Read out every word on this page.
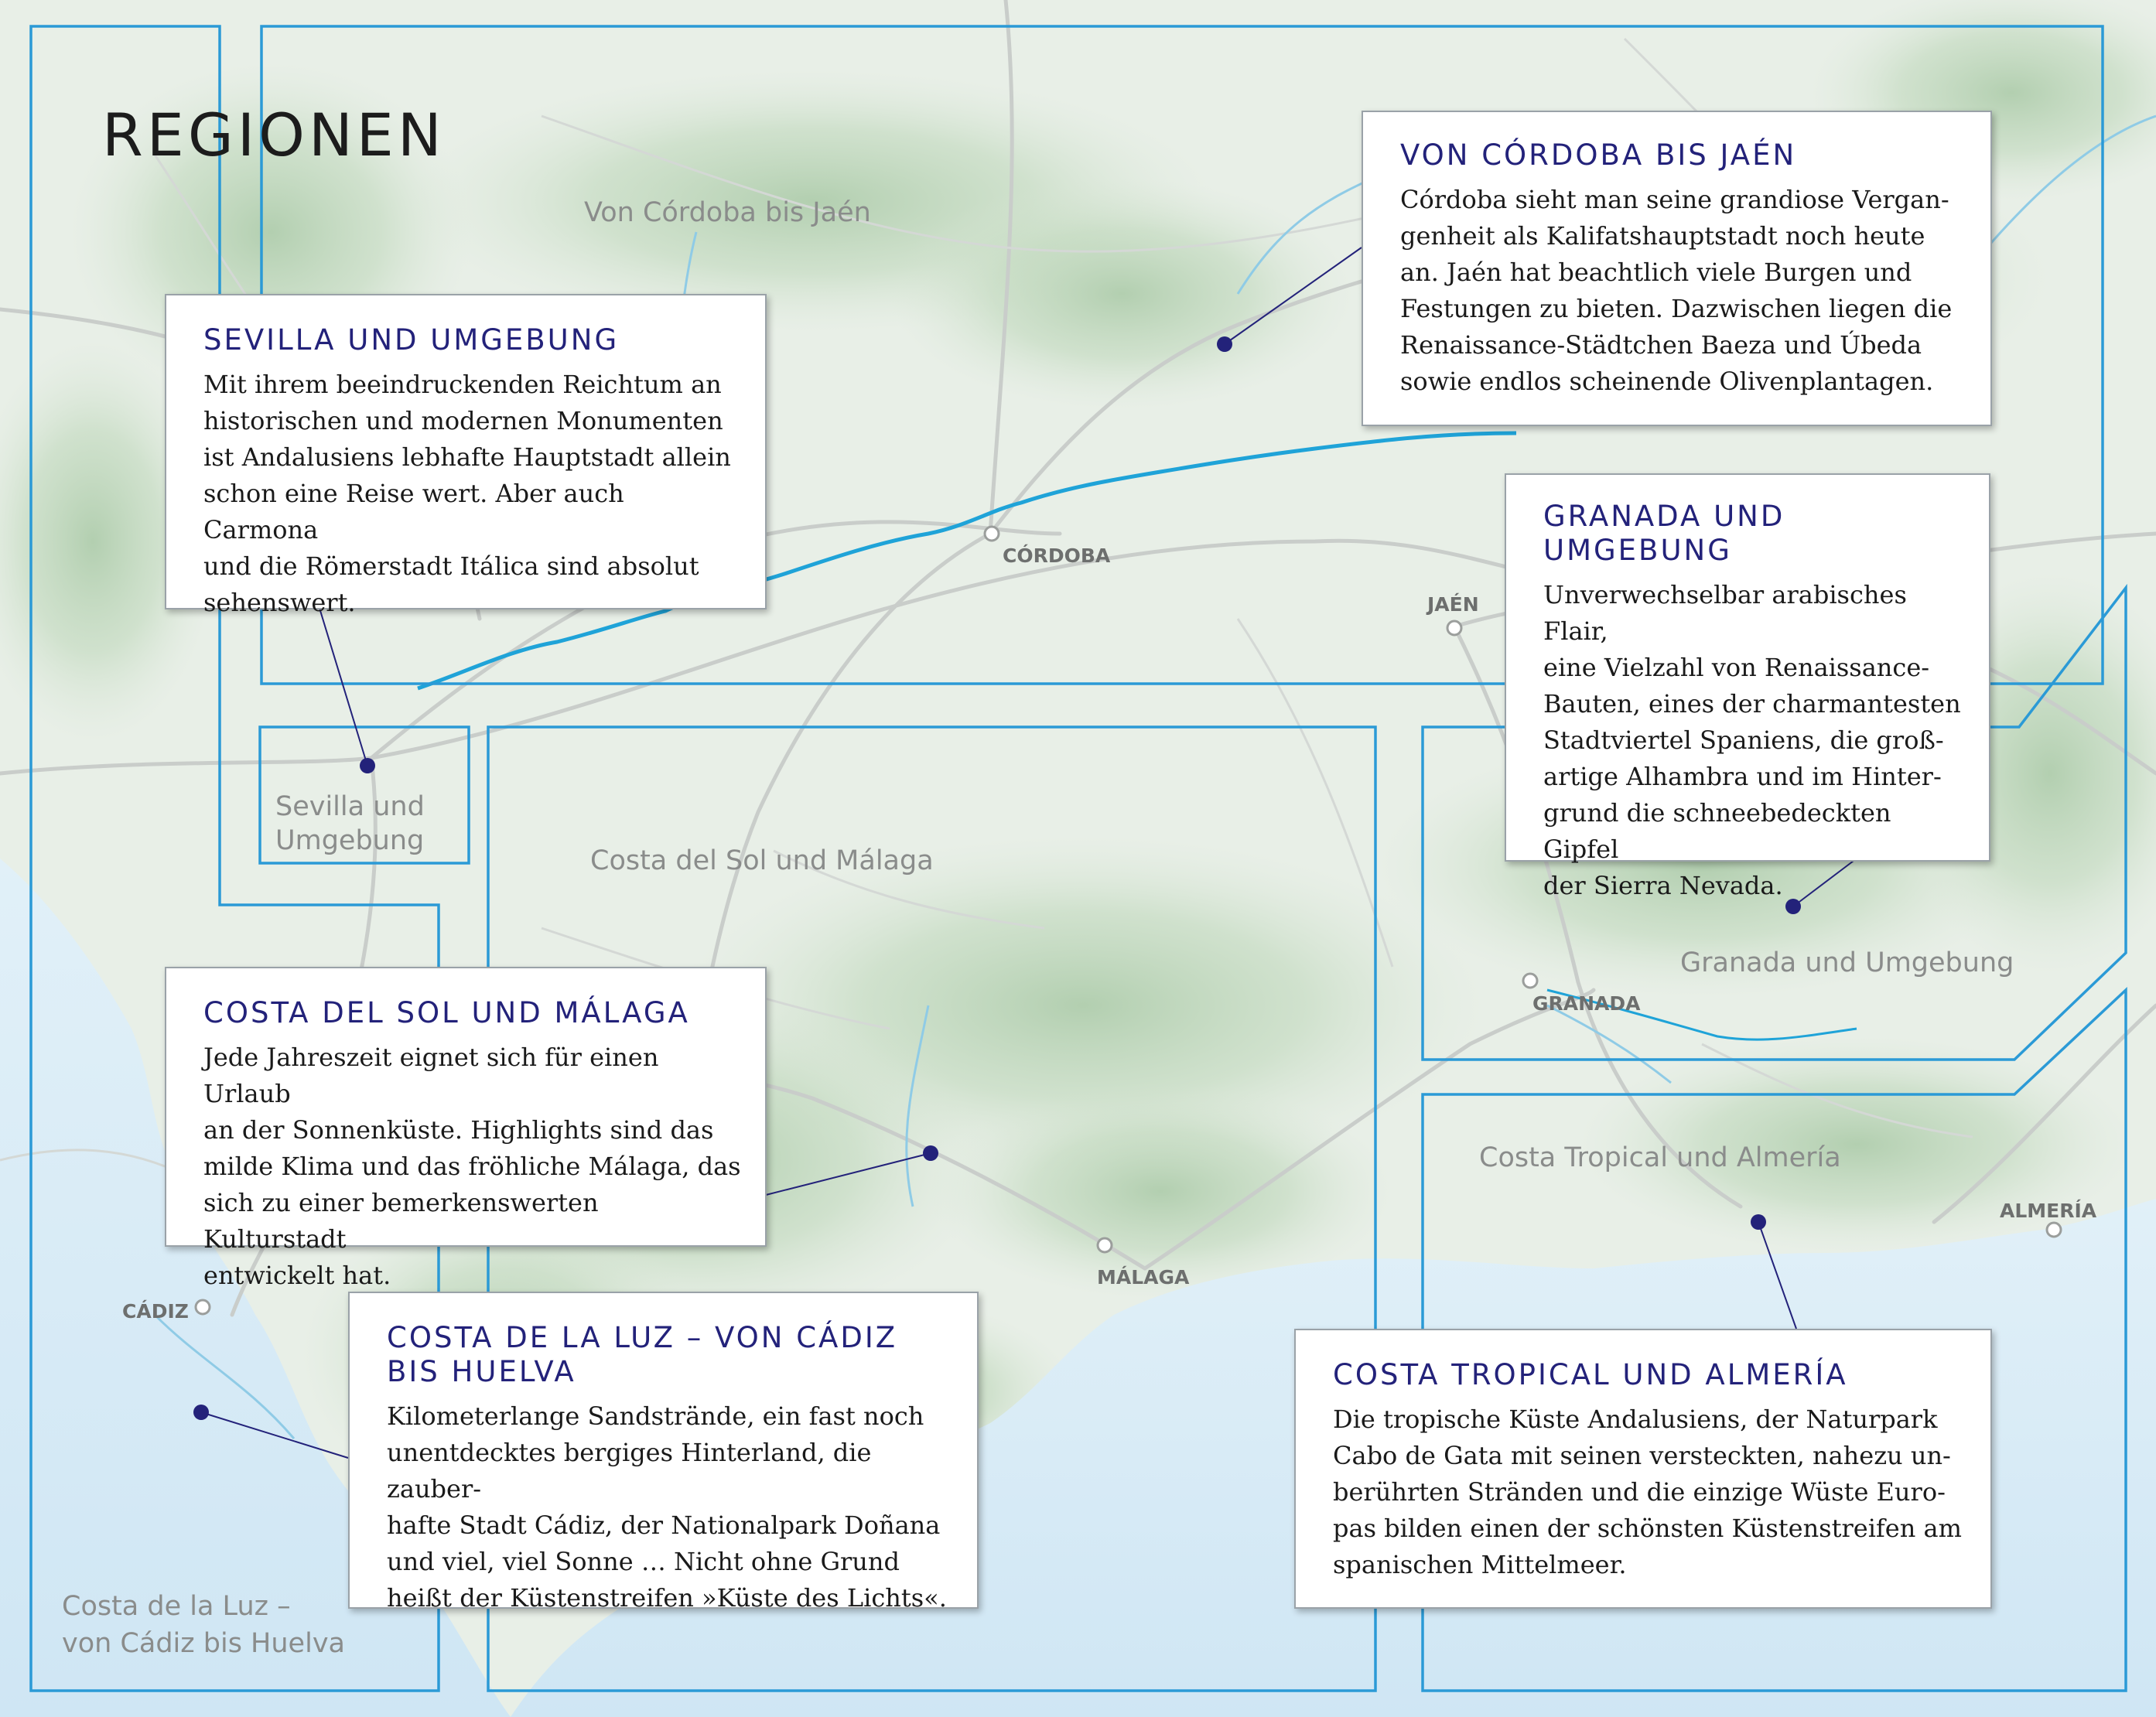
Von Córdoba bis Jaén
Sevilla und
Umgebung
Costa del Sol und Málaga
Granada und Umgebung
Costa Tropical und Almería
Costa de la Luz –
von Cádiz bis Huelva
CÓRDOBA
JAÉN
GRANADA
ALMERÍA
MÁLAGA
CÁDIZ
REGIONEN	VON CÓRDOBA BIS JAÉN

Córdoba sieht man seine grandiose Vergan-
genheit als Kalifatshauptstadt noch heute
an. Jaén hat beachtlich viele Burgen und
Festungen zu bieten. Dazwischen liegen die
Renaissance-Städtchen Baeza und Úbeda
sowie endlos scheinende Olivenplantagen.

SEVILLA UND UMGEBUNG

Mit ihrem beeindruckenden Reichtum an
historischen und modernen Monumenten
ist Andalusiens lebhafte Hauptstadt allein
schon eine Reise wert. Aber auch Carmona
und die Römerstadt Itálica sind absolut
sehenswert.

GRANADA UND
UMGEBUNG

Unverwechselbar arabisches Flair,
eine Vielzahl von Renaissance-
Bauten, eines der charmantesten
Stadtviertel Spaniens, die groß-
artige Alhambra und im Hinter-
grund die schneebedeckten Gipfel
der Sierra Nevada.

COSTA DEL SOL UND MÁLAGA

Jede Jahreszeit eignet sich für einen Urlaub
an der Sonnenküste. Highlights sind das
milde Klima und das fröhliche Málaga, das
sich zu einer bemerkenswerten Kulturstadt
entwickelt hat.

COSTA DE LA LUZ – VON CÁDIZ
BIS HUELVA

Kilometerlange Sandstrände, ein fast noch
unentdecktes bergiges Hinterland, die zauber-
hafte Stadt Cádiz, der Nationalpark Doñana
und viel, viel Sonne … Nicht ohne Grund
heißt der Küstenstreifen »Küste des Lichts«.

COSTA TROPICAL UND ALMERÍA

Die tropische Küste Andalusiens, der Naturpark
Cabo de Gata mit seinen versteckten, nahezu un-
berührten Stränden und die einzige Wüste Euro-
pas bilden einen der schönsten Küstenstreifen am
spanischen Mittelmeer.
